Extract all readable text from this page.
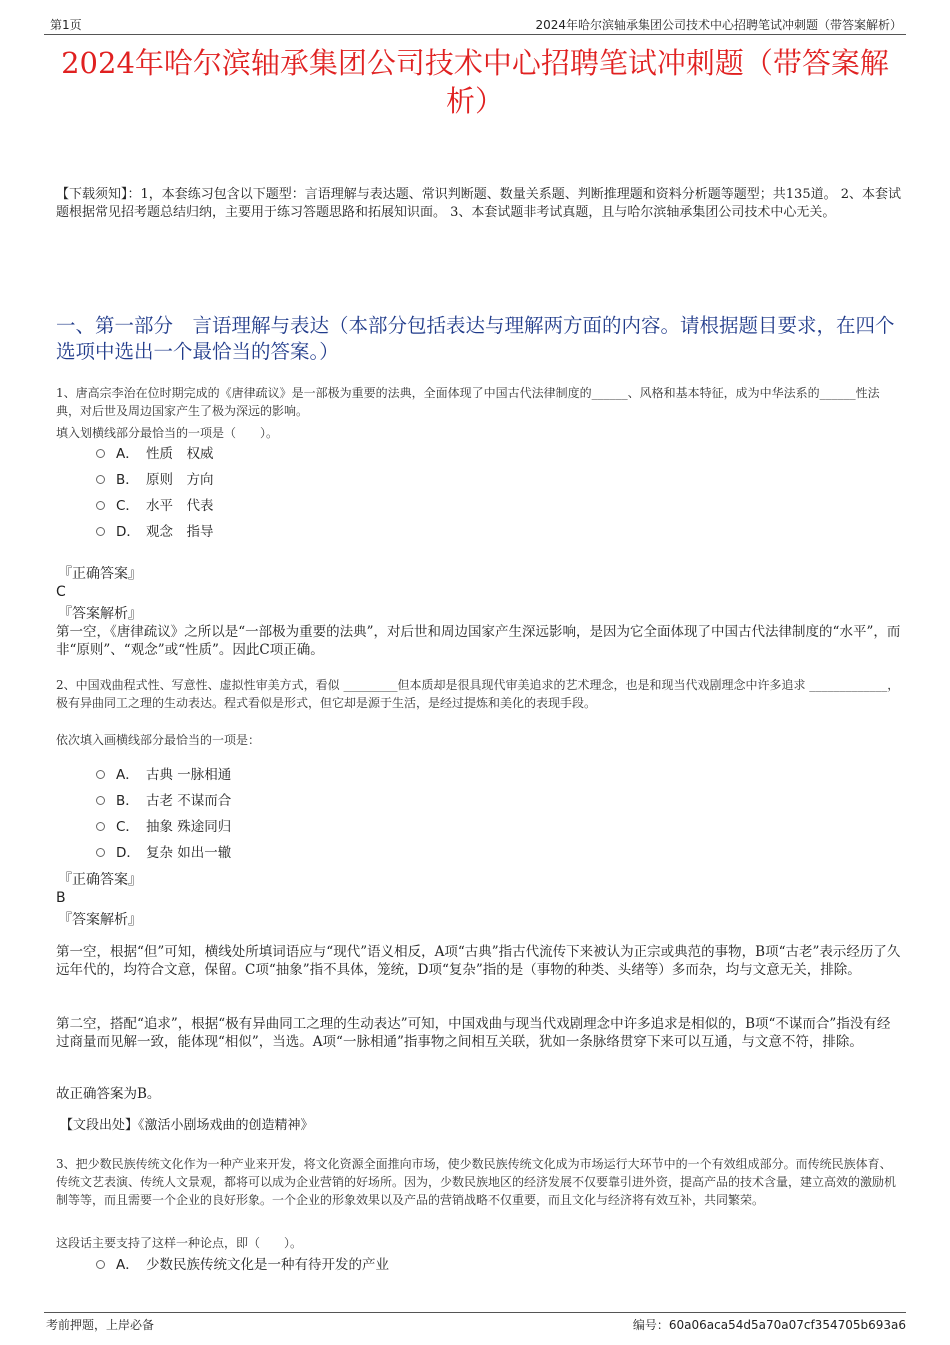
第1页	2024年哈尔滨轴承集团公司技术中心招聘笔试冲刺题（带答案解析）
2024年哈尔滨轴承集团公司技术中心招聘笔试冲刺题（带答案解析）
【下载须知】：1，本套练习包含以下题型：言语理解与表达题、常识判断题、数量关系题、判断推理题和资料分析题等题型；共135道。 2、本套试题根据常见招考题总结归纳，主要用于练习答题思路和拓展知识面。 3、本套试题非考试真题，且与哈尔滨轴承集团公司技术中心无关。
一、第一部分　言语理解与表达（本部分包括表达与理解两方面的内容。请根据题目要求，在四个选项中选出一个最恰当的答案。）
1、唐高宗李治在位时期完成的《唐律疏议》是一部极为重要的法典，全面体现了中国古代法律制度的______、风格和基本特征，成为中华法系的______性法典，对后世及周边国家产生了极为深远的影响。
填入划横线部分最恰当的一项是（　　）。
A． 性质　权威
B． 原则　方向
C． 水平　代表
D． 观念　指导
『正确答案』
C
『答案解析』
第一空，《唐律疏议》之所以是“一部极为重要的法典”，对后世和周边国家产生深远影响，是因为它全面体现了中国古代法律制度的“水平”，而非“原则”、“观念”或“性质”。因此C项正确。
2、中国戏曲程式性、写意性、虚拟性审美方式，看似 _________但本质却是很具现代审美追求的艺术理念，也是和现当代戏剧理念中许多追求 _____________，极有异曲同工之理的生动表达。程式看似是形式，但它却是源于生活，是经过提炼和美化的表现手段。
依次填入画横线部分最恰当的一项是：
A． 古典 一脉相通
B． 古老 不谋而合
C． 抽象 殊途同归
D． 复杂 如出一辙
『正确答案』
B
『答案解析』
第一空，根据“但”可知，横线处所填词语应与“现代”语义相反，A项“古典”指古代流传下来被认为正宗或典范的事物，B项“古老”表示经历了久远年代的，均符合文意，保留。C项“抽象”指不具体，笼统，D项“复杂”指的是（事物的种类、头绪等）多而杂，均与文意无关，排除。
第二空，搭配“追求”，根据“极有异曲同工之理的生动表达”可知，中国戏曲与现当代戏剧理念中许多追求是相似的，B项“不谋而合”指没有经过商量而见解一致，能体现“相似”，当选。A项“一脉相通”指事物之间相互关联，犹如一条脉络贯穿下来可以互通，与文意不符，排除。
故正确答案为B。
【文段出处】《激活小剧场戏曲的创造精神》
3、把少数民族传统文化作为一种产业来开发，将文化资源全面推向市场，使少数民族传统文化成为市场运行大环节中的一个有效组成部分。而传统民族体育、传统文艺表演、传统人文景观，都将可以成为企业营销的好场所。因为，少数民族地区的经济发展不仅要靠引进外资，提高产品的技术含量，建立高效的激励机制等等，而且需要一个企业的良好形象。一个企业的形象效果以及产品的营销战略不仅重要，而且文化与经济将有效互补，共同繁荣。
这段话主要支持了这样一种论点，即（　　）。
A． 少数民族传统文化是一种有待开发的产业
考前押题，上岸必备	编号：60a06aca54d5a70a07cf354705b693a6
